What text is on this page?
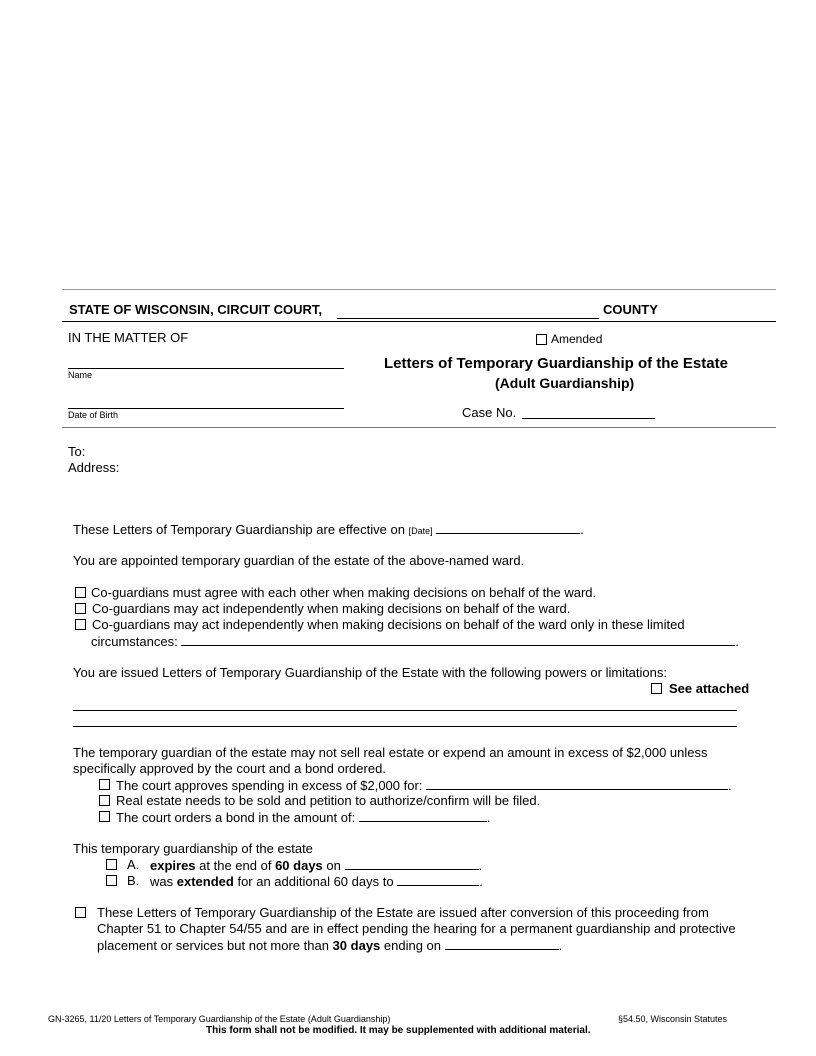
STATE OF WISCONSIN, CIRCUIT COURT,	COUNTY
IN THE MATTER OF
Name
Date of Birth
Amended
Letters of Temporary Guardianship of the Estate
(Adult Guardianship)
Case No.
To:
Address:
These Letters of Temporary Guardianship are effective on [Date]	.
You are appointed temporary guardian of the estate of the above-named ward.
Co-guardians must agree with each other when making decisions on behalf of the ward.
Co-guardians may act independently when making decisions on behalf of the ward.
Co-guardians may act independently when making decisions on behalf of the ward only in these limited
circumstances:	.
You are issued Letters of Temporary Guardianship of the Estate with the following powers or limitations:
See attached
The temporary guardian of the estate may not sell real estate or expend an amount in excess of $2,000 unless
specifically approved by the court and a bond ordered.
The court approves spending in excess of $2,000 for:	.
Real estate needs to be sold and petition to authorize/confirm will be filed.
The court orders a bond in the amount of:	.
This temporary guardianship of the estate
A. expires at the end of 60 days on	.
B. was extended for an additional 60 days to	.
These Letters of Temporary Guardianship of the Estate are issued after conversion of this proceeding from
Chapter 51 to Chapter 54/55 and are in effect pending the hearing for a permanent guardianship and protective
placement or services but not more than 30 days ending on	.
GN-3265, 11/20 Letters of Temporary Guardianship of the Estate (Adult Guardianship)	§54.50, Wisconsin Statutes
This form shall not be modified. It may be supplemented with additional material.
